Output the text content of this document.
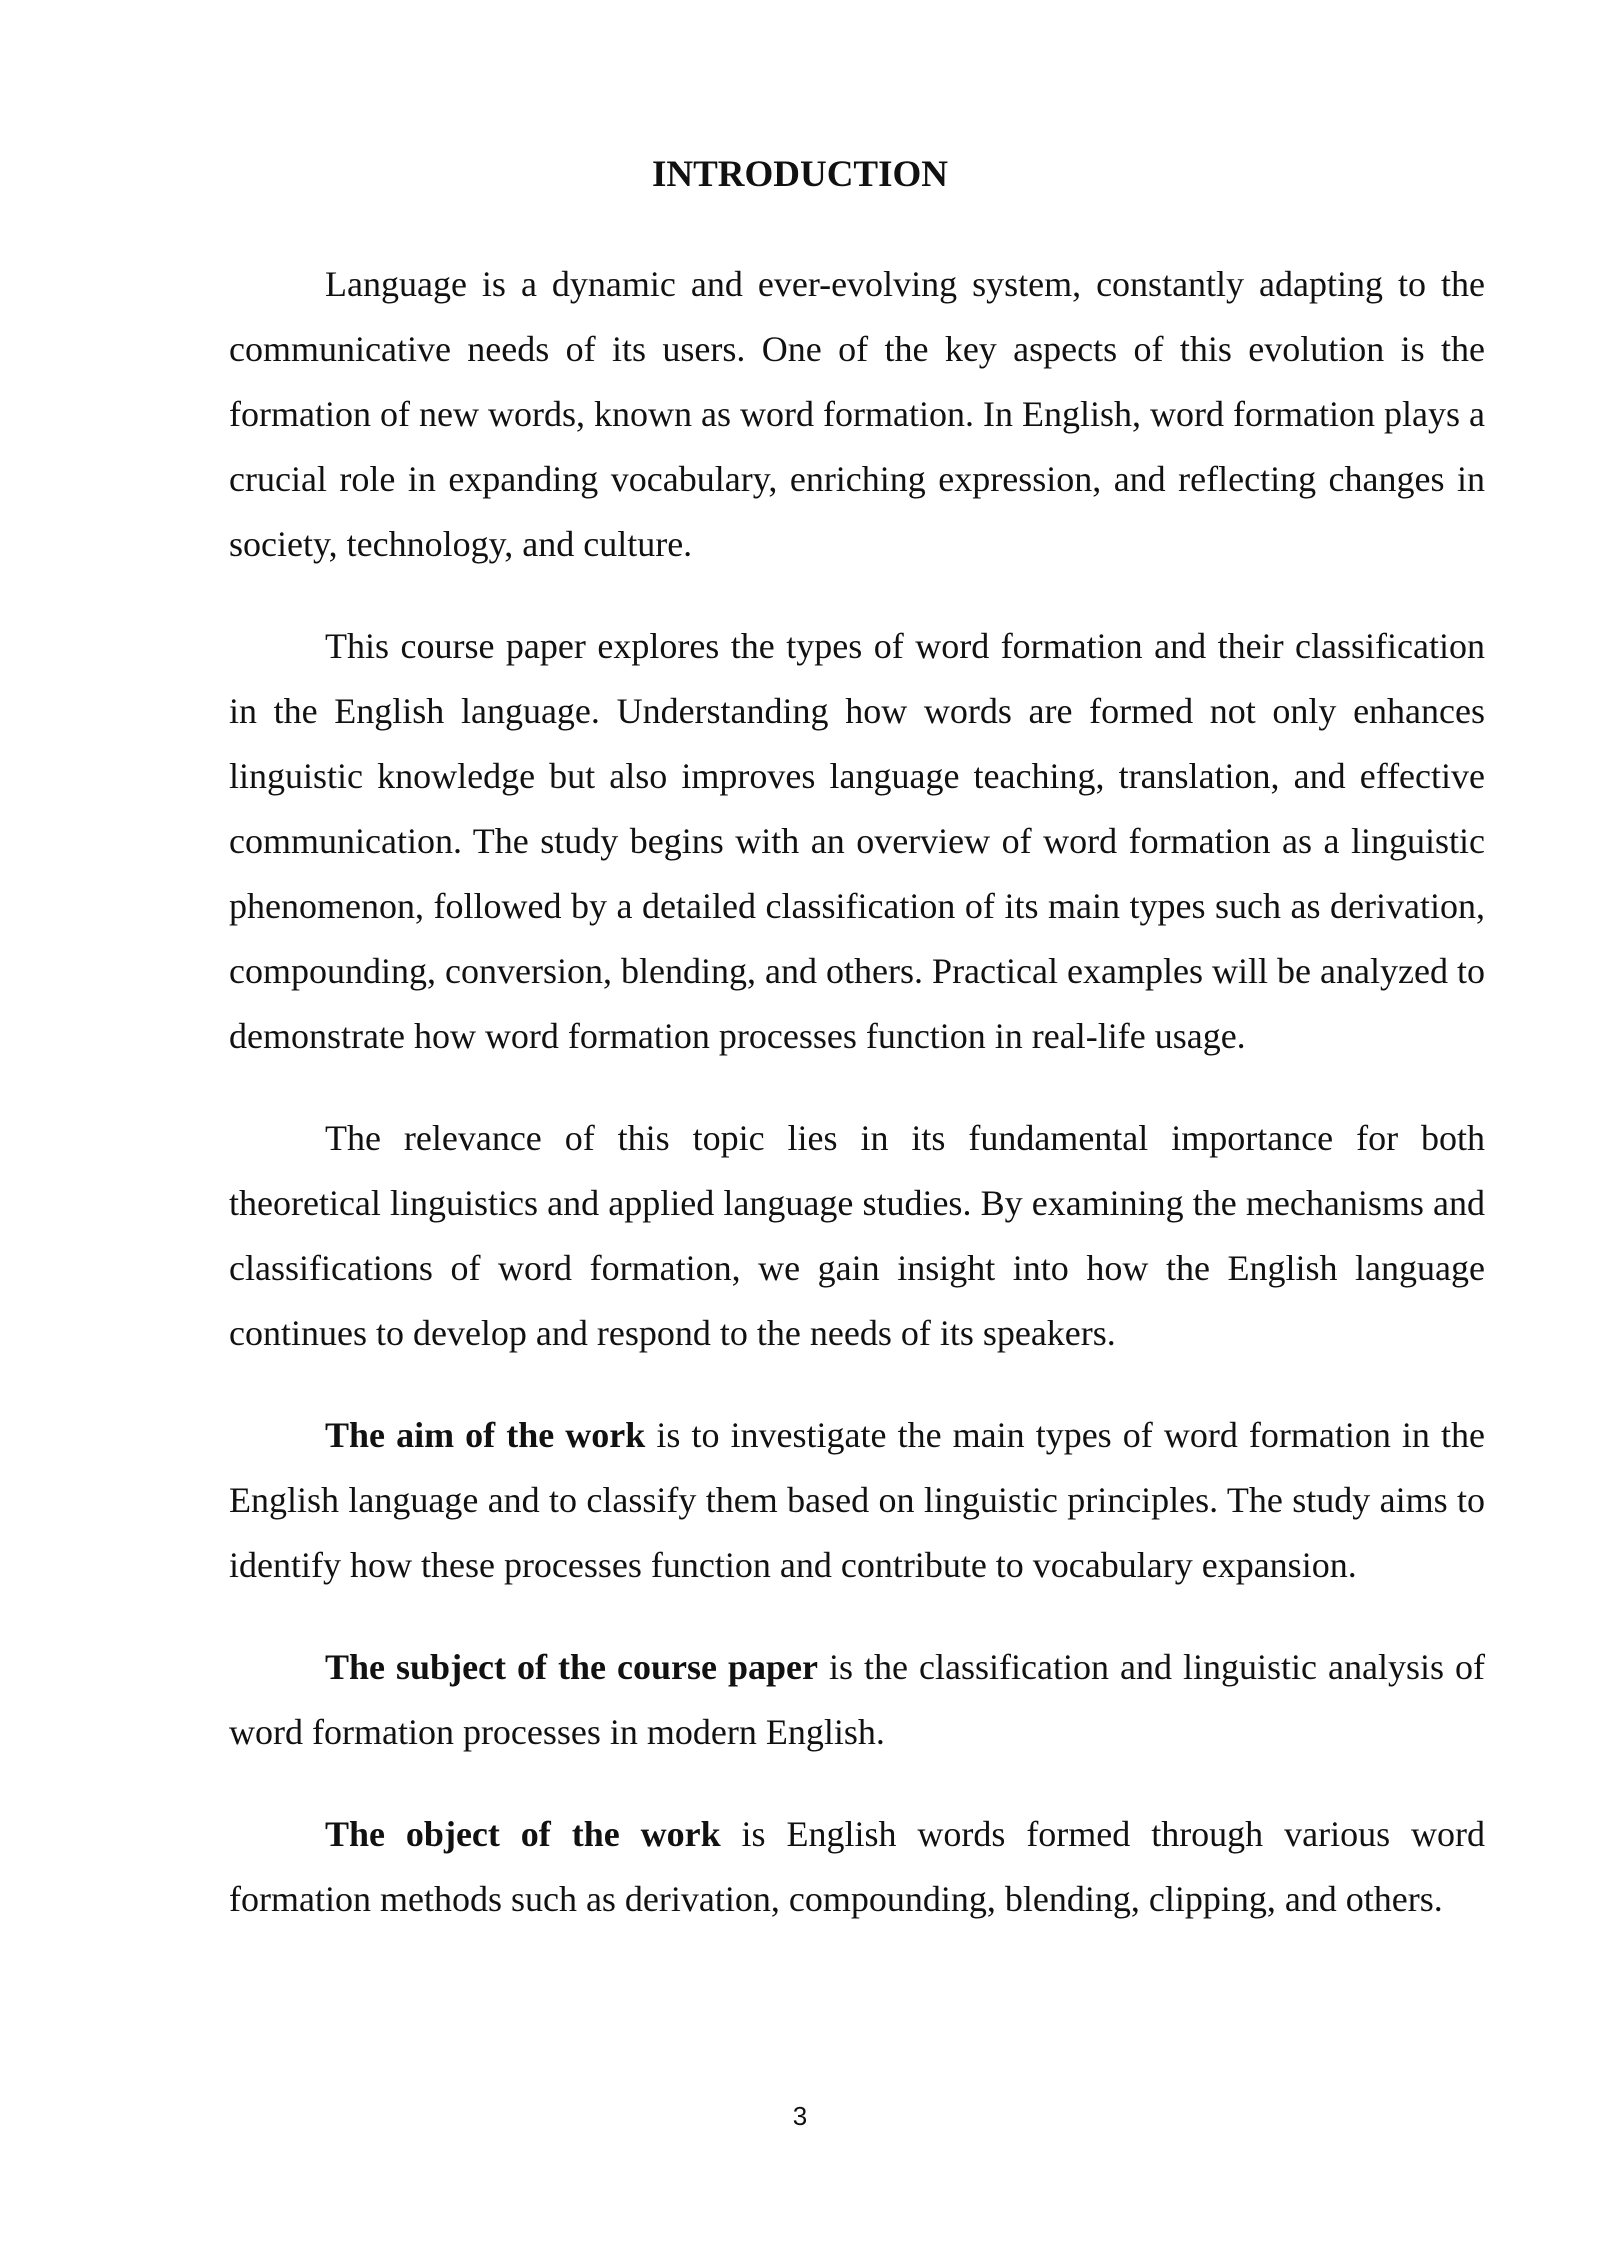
INTRODUCTION

Language is a dynamic and ever-evolving system, constantly adapting to the communicative needs of its users. One of the key aspects of this evolution is the formation of new words, known as word formation. In English, word formation plays a crucial role in expanding vocabulary, enriching expression, and reflecting changes in society, technology, and culture.

This course paper explores the types of word formation and their classification in the English language. Understanding how words are formed not only enhances linguistic knowledge but also improves language teaching, translation, and effective communication. The study begins with an overview of word formation as a linguistic phenomenon, followed by a detailed classification of its main types such as derivation, compounding, conversion, blending, and others. Practical examples will be analyzed to demonstrate how word formation processes function in real-life usage.

The relevance of this topic lies in its fundamental importance for both theoretical linguistics and applied language studies. By examining the mechanisms and classifications of word formation, we gain insight into how the English language continues to develop and respond to the needs of its speakers.

The aim of the work is to investigate the main types of word formation in the English language and to classify them based on linguistic principles. The study aims to identify how these processes function and contribute to vocabulary expansion.

The subject of the course paper is the classification and linguistic analysis of word formation processes in modern English.

The object of the work is English words formed through various word formation methods such as derivation, compounding, blending, clipping, and others.

3
